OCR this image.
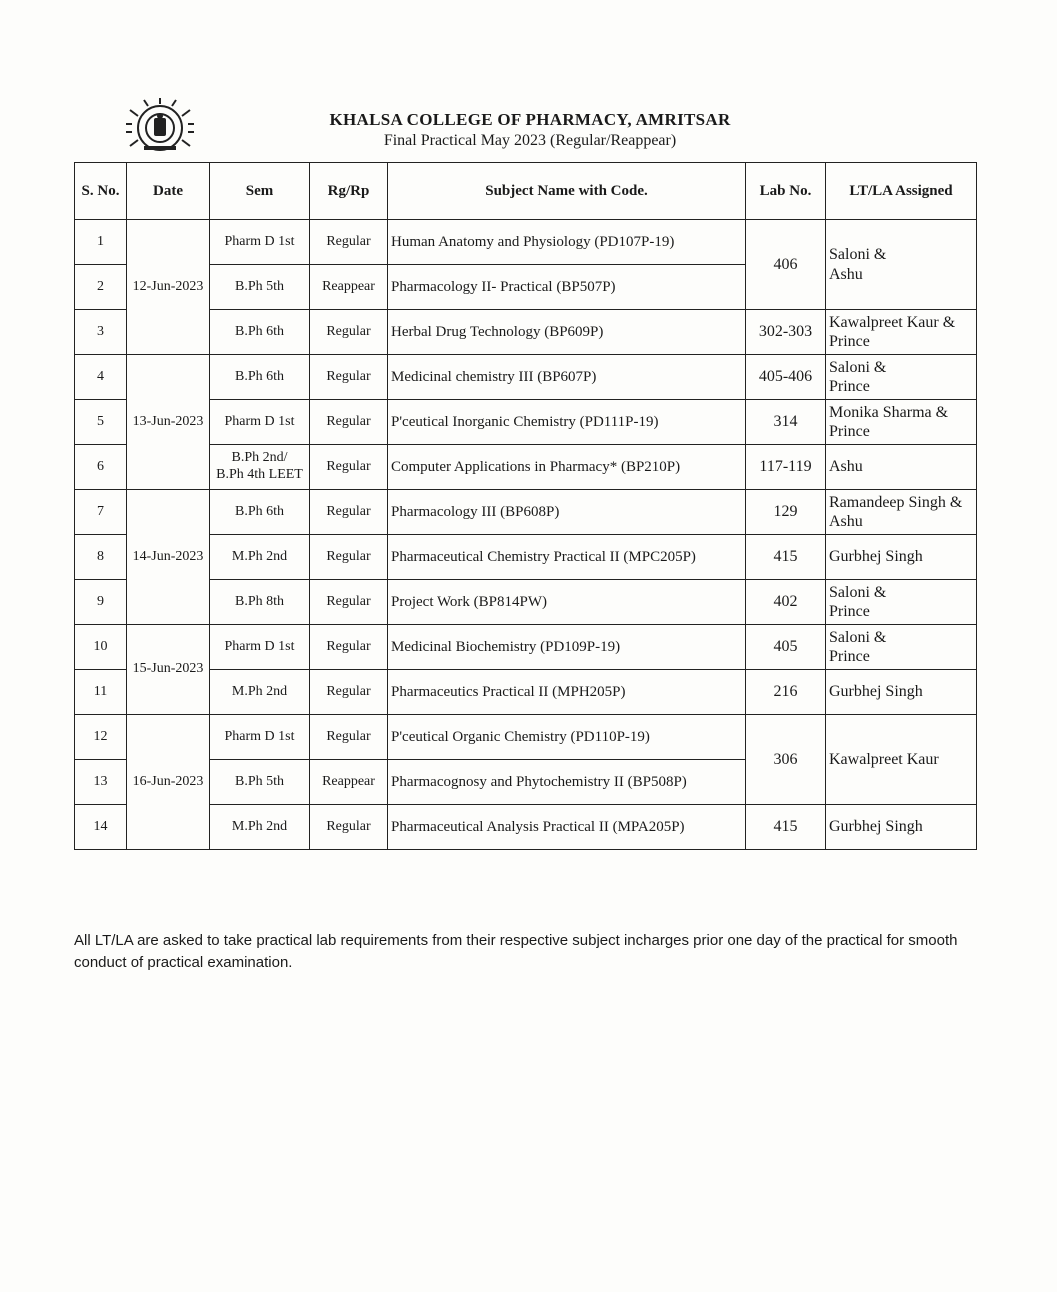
KHALSA COLLEGE OF PHARMACY, AMRITSAR
Final Practical May 2023 (Regular/Reappear)
S. No.	Date	Sem	Rg/Rp	Subject Name with Code.	Lab No.	LT/LA Assigned
1	12-Jun-2023	Pharm D 1st	Regular	Human Anatomy and Physiology (PD107P-19)	406	Saloni &
Ashu

2		B.Ph 5th	Reappear	Pharmacology II- Practical (BP507P)		
3		B.Ph 6th	Regular	Herbal Drug Technology (BP609P)	302-303	Kawalpreet Kaur &
Prince

4	13-Jun-2023	B.Ph 6th	Regular	Medicinal chemistry III (BP607P)	405-406	Saloni &
Prince

5		Pharm D 1st	Regular	P'ceutical Inorganic Chemistry (PD111P-19)	314	Monika Sharma &
Prince

6		B.Ph 2nd/
B.Ph 4th LEET	Regular	Computer Applications in Pharmacy* (BP210P)	117-119	Ashu

7	14-Jun-2023	B.Ph 6th	Regular	Pharmacology III (BP608P)	129	Ramandeep Singh &
Ashu

8		M.Ph 2nd	Regular	Pharmaceutical Chemistry Practical II (MPC205P)	415	Gurbhej Singh

9		B.Ph 8th	Regular	Project Work (BP814PW)	402	Saloni &
Prince

10	15-Jun-2023	Pharm D 1st	Regular	Medicinal Biochemistry (PD109P-19)	405	Saloni &
Prince

11		M.Ph 2nd	Regular	Pharmaceutics Practical II (MPH205P)	216	Gurbhej Singh

12	16-Jun-2023	Pharm D 1st	Regular	P'ceutical Organic Chemistry (PD110P-19)	306	Kawalpreet Kaur

13		B.Ph 5th	Reappear	Pharmacognosy and Phytochemistry II (BP508P)		
14		M.Ph 2nd	Regular	Pharmaceutical Analysis Practical II (MPA205P)	415	Gurbhej Singh
All LT/LA are asked to take practical lab requirements from their respective subject incharges prior one day of the practical for smooth conduct of practical examination.
